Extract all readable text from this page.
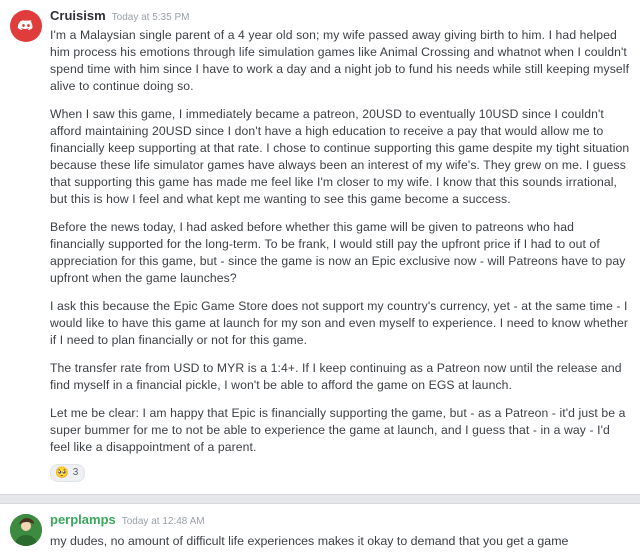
Cruisism Today at 5:35 PM

I'm a Malaysian single parent of a 4 year old son; my wife passed away giving birth to him. I had helped him process his emotions through life simulation games like Animal Crossing and whatnot when I couldn't spend time with him since I have to work a day and a night job to fund his needs while still keeping myself alive to continue doing so.

When I saw this game, I immediately became a patreon, 20USD to eventually 10USD since I couldn't afford maintaining 20USD since I don't have a high education to receive a pay that would allow me to financially keep supporting at that rate. I chose to continue supporting this game despite my tight situation because these life simulator games have always been an interest of my wife's. They grew on me. I guess that supporting this game has made me feel like I'm closer to my wife. I know that this sounds irrational, but this is how I feel and what kept me wanting to see this game become a success.

Before the news today, I had asked before whether this game will be given to patreons who had financially supported for the long-term. To be frank, I would still pay the upfront price if I had to out of appreciation for this game, but - since the game is now an Epic exclusive now - will Patreons have to pay upfront when the game launches?

I ask this because the Epic Game Store does not support my country's currency, yet - at the same time - I would like to have this game at launch for my son and even myself to experience. I need to know whether if I need to plan financially or not for this game.

The transfer rate from USD to MYR is a 1:4+. If I keep continuing as a Patreon now until the release and find myself in a financial pickle, I won't be able to afford the game on EGS at launch.

Let me be clear: I am happy that Epic is financially supporting the game, but - as a Patreon - it'd just be a super bummer for me to not be able to experience the game at launch, and I guess that - in a way - I'd feel like a disappointment of a parent.

🥺 3
perplamps Today at 12:48 AM

my dudes, no amount of difficult life experiences makes it okay to demand that you get a game
